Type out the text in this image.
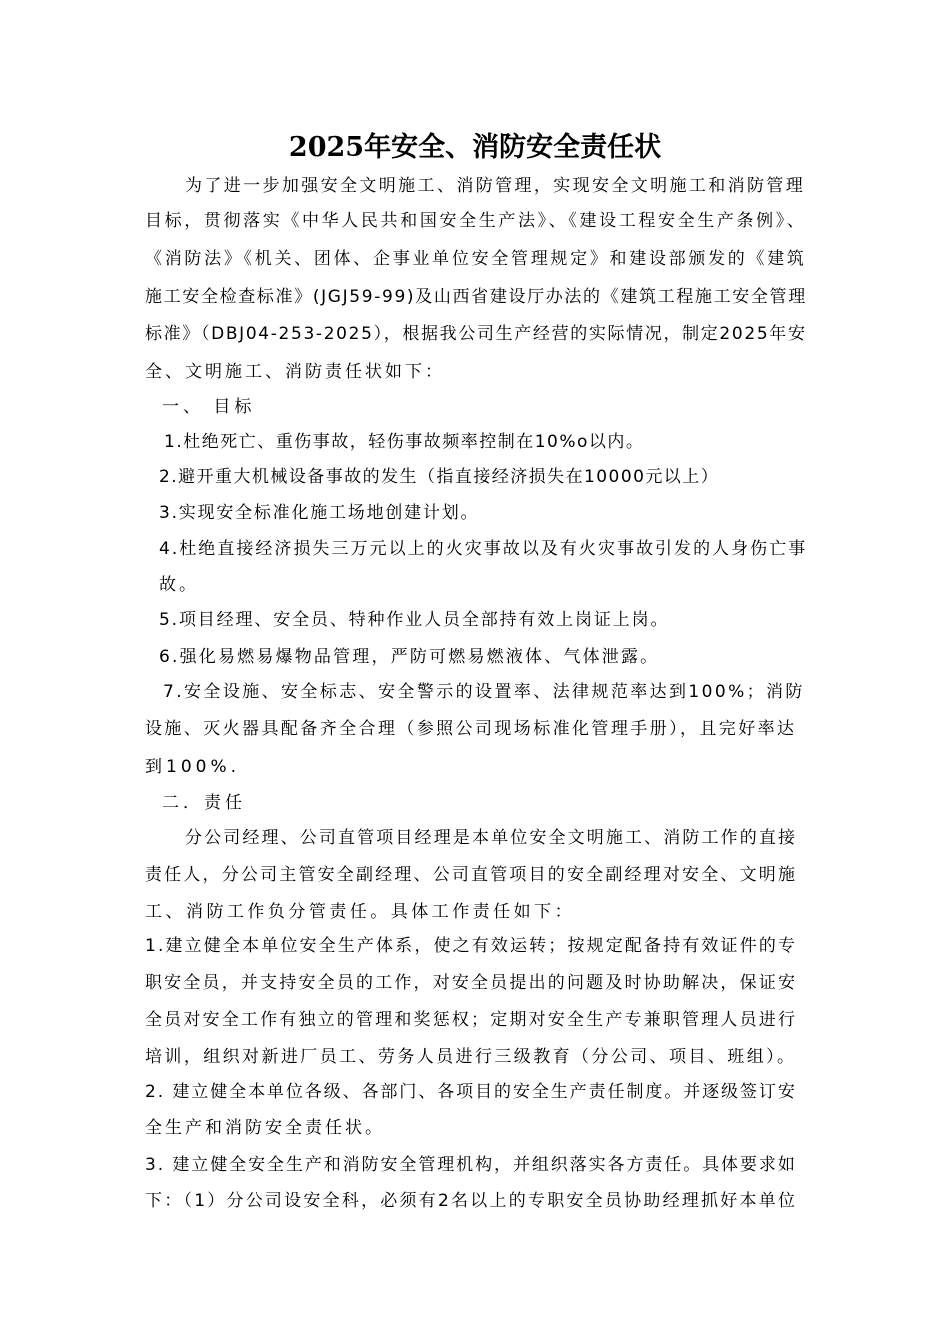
2025年安全、消防安全责任状
为了进一步加强安全文明施工、消防管理，实现安全文明施工和消防管理
目标，贯彻落实《中华人民共和国安全生产法》、《建设工程安全生产条例》、
《消防法》《机关、团体、企事业单位安全管理规定》和建设部颁发的《建筑
施工安全检查标准》(JGJ59-99)及山西省建设厅办法的《建筑工程施工安全管理
标准》（DBJ04-253-2025），根据我公司生产经营的实际情况，制定2025年安
全、文明施工、消防责任状如下：
一、 目标
1.杜绝死亡、重伤事故，轻伤事故频率控制在10%o以内。
2.避开重大机械设备事故的发生（指直接经济损失在10000元以上）
3.实现安全标准化施工场地创建计划。
4.杜绝直接经济损失三万元以上的火灾事故以及有火灾事故引发的人身伤亡事
故。
5.项目经理、安全员、特种作业人员全部持有效上岗证上岗。
6.强化易燃易爆物品管理，严防可燃易燃液体、气体泄露。
7.安全设施、安全标志、安全警示的设置率、法律规范率达到100%；消防
设施、灭火器具配备齐全合理（参照公司现场标准化管理手册），且完好率达
到100%.
二．责任
分公司经理、公司直管项目经理是本单位安全文明施工、消防工作的直接
责任人，分公司主管安全副经理、公司直管项目的安全副经理对安全、文明施
工、消防工作负分管责任。具体工作责任如下：
1.建立健全本单位安全生产体系，使之有效运转；按规定配备持有效证件的专
职安全员，并支持安全员的工作，对安全员提出的问题及时协助解决，保证安
全员对安全工作有独立的管理和奖惩权；定期对安全生产专兼职管理人员进行
培训，组织对新进厂员工、劳务人员进行三级教育（分公司、项目、班组）。
2. 建立健全本单位各级、各部门、各项目的安全生产责任制度。并逐级签订安
全生产和消防安全责任状。
3. 建立健全安全生产和消防安全管理机构，并组织落实各方责任。具体要求如
下：（1）分公司设安全科，必须有2名以上的专职安全员协助经理抓好本单位
